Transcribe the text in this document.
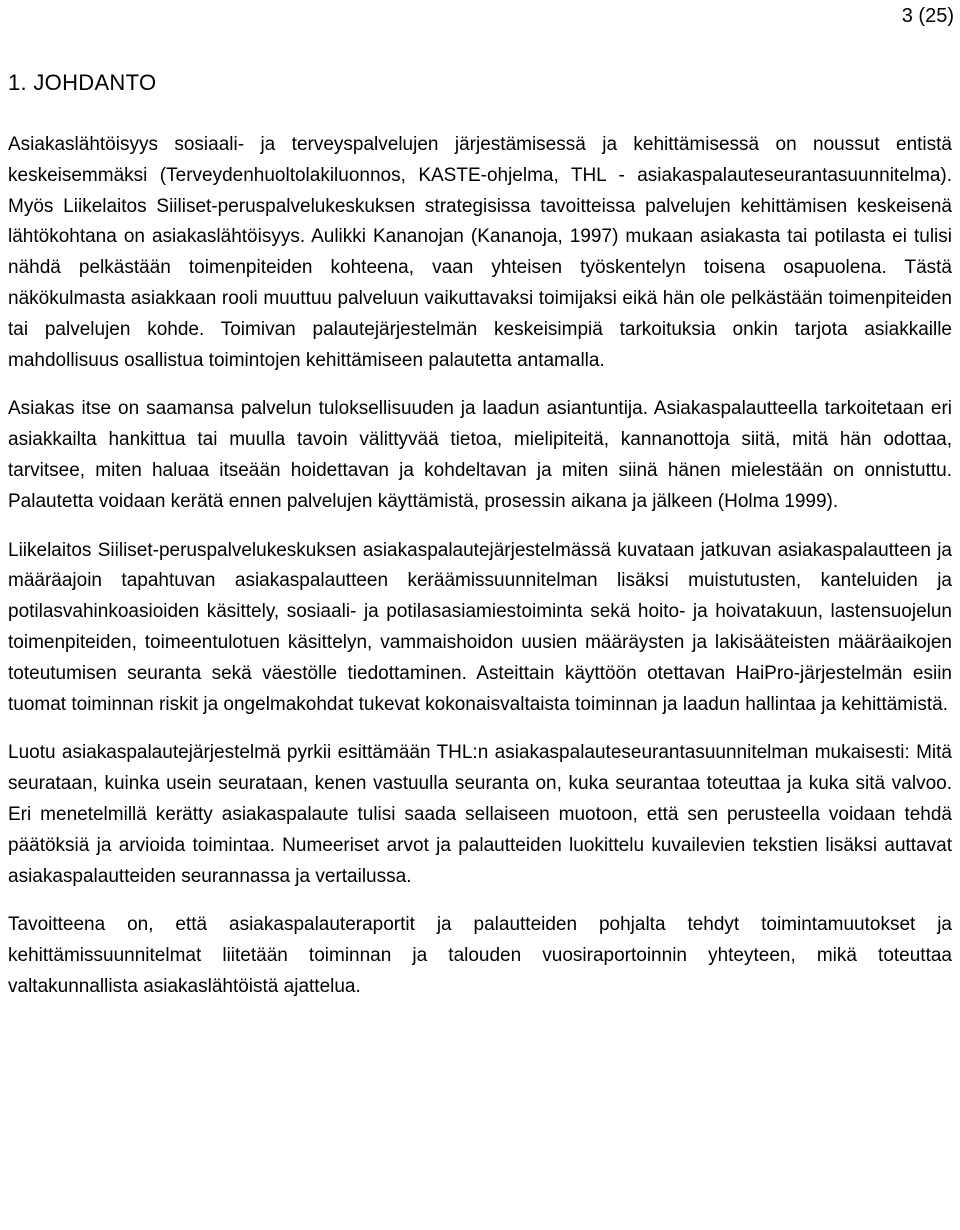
3 (25)
1. JOHDANTO

Asiakaslähtöisyys sosiaali- ja terveyspalvelujen järjestämisessä ja kehittämisessä on noussut entistä keskeisemmäksi (Terveydenhuoltolakiluonnos, KASTE-ohjelma, THL - asiakaspalauteseurantasuunnitelma). Myös Liikelaitos Siiliset-peruspalvelukeskuksen strategisissa tavoitteissa palvelujen kehittämisen keskeisenä lähtökohtana on asiakaslähtöisyys. Aulikki Kananojan (Kananoja, 1997) mukaan asiakasta tai potilasta ei tulisi nähdä pelkästään toimenpiteiden kohteena, vaan yhteisen työskentelyn toisena osapuolena. Tästä näkökulmasta asiakkaan rooli muuttuu palveluun vaikuttavaksi toimijaksi eikä hän ole pelkästään toimenpiteiden tai palvelujen kohde. Toimivan palautejärjestelmän keskeisimpiä tarkoituksia onkin tarjota asiakkaille mahdollisuus osallistua toimintojen kehittämiseen palautetta antamalla.

Asiakas itse on saamansa palvelun tuloksellisuuden ja laadun asiantuntija. Asiakaspalautteella tarkoitetaan eri asiakkailta hankittua tai muulla tavoin välittyvää tietoa, mielipiteitä, kannanottoja siitä, mitä hän odottaa, tarvitsee, miten haluaa itseään hoidettavan ja kohdeltavan ja miten siinä hänen mielestään on onnistuttu. Palautetta voidaan kerätä ennen palvelujen käyttämistä, prosessin aikana ja jälkeen (Holma 1999).

Liikelaitos Siiliset-peruspalvelukeskuksen asiakaspalautejärjestelmässä kuvataan jatkuvan asiakaspalautteen ja määräajoin tapahtuvan asiakaspalautteen keräämissuunnitelman lisäksi muistutusten, kanteluiden ja potilasvahinkoasioiden käsittely, sosiaali- ja potilasasiamiestoiminta sekä hoito- ja hoivatakuun, lastensuojelun toimenpiteiden, toimeentulotuen käsittelyn, vammaishoidon uusien määräysten ja lakisääteisten määräaikojen toteutumisen seuranta sekä väestölle tiedottaminen. Asteittain käyttöön otettavan HaiPro-järjestelmän esiin tuomat toiminnan riskit ja ongelmakohdat tukevat kokonaisvaltaista toiminnan ja laadun hallintaa ja kehittämistä.

Luotu asiakaspalautejärjestelmä pyrkii esittämään THL:n asiakaspalauteseurantasuunnitelman mukaisesti: Mitä seurataan, kuinka usein seurataan, kenen vastuulla seuranta on, kuka seurantaa toteuttaa ja kuka sitä valvoo. Eri menetelmillä kerätty asiakaspalaute tulisi saada sellaiseen muotoon, että sen perusteella voidaan tehdä päätöksiä ja arvioida toimintaa. Numeeriset arvot ja palautteiden luokittelu kuvailevien tekstien lisäksi auttavat asiakaspalautteiden seurannassa ja vertailussa.

Tavoitteena on, että asiakaspalauteraportit ja palautteiden pohjalta tehdyt toimintamuutokset ja kehittämissuunnitelmat liitetään toiminnan ja talouden vuosiraportoinnin yhteyteen, mikä toteuttaa valtakunnallista asiakaslähtöistä ajattelua.
